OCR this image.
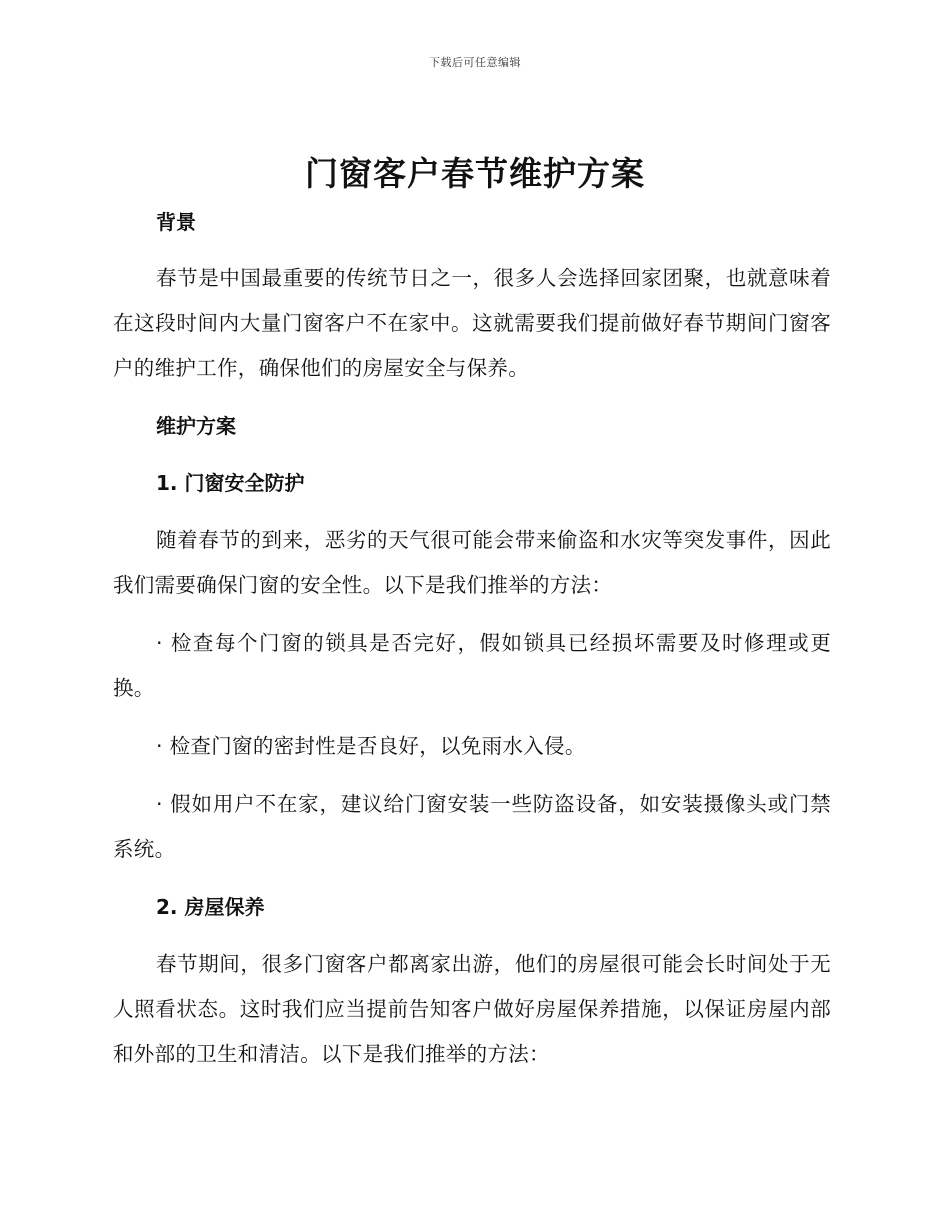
下载后可任意编辑
门窗客户春节维护方案

背景

春节是中国最重要的传统节日之一，很多人会选择回家团聚，也就意味着在这段时间内大量门窗客户不在家中。这就需要我们提前做好春节期间门窗客户的维护工作，确保他们的房屋安全与保养。

维护方案

1. 门窗安全防护

随着春节的到来，恶劣的天气很可能会带来偷盗和水灾等突发事件，因此我们需要确保门窗的安全性。以下是我们推举的方法：

· 检查每个门窗的锁具是否完好，假如锁具已经损坏需要及时修理或更换。

· 检查门窗的密封性是否良好，以免雨水入侵。

· 假如用户不在家，建议给门窗安装一些防盗设备，如安装摄像头或门禁系统。

2. 房屋保养

春节期间，很多门窗客户都离家出游，他们的房屋很可能会长时间处于无人照看状态。这时我们应当提前告知客户做好房屋保养措施，以保证房屋内部和外部的卫生和清洁。以下是我们推举的方法：
